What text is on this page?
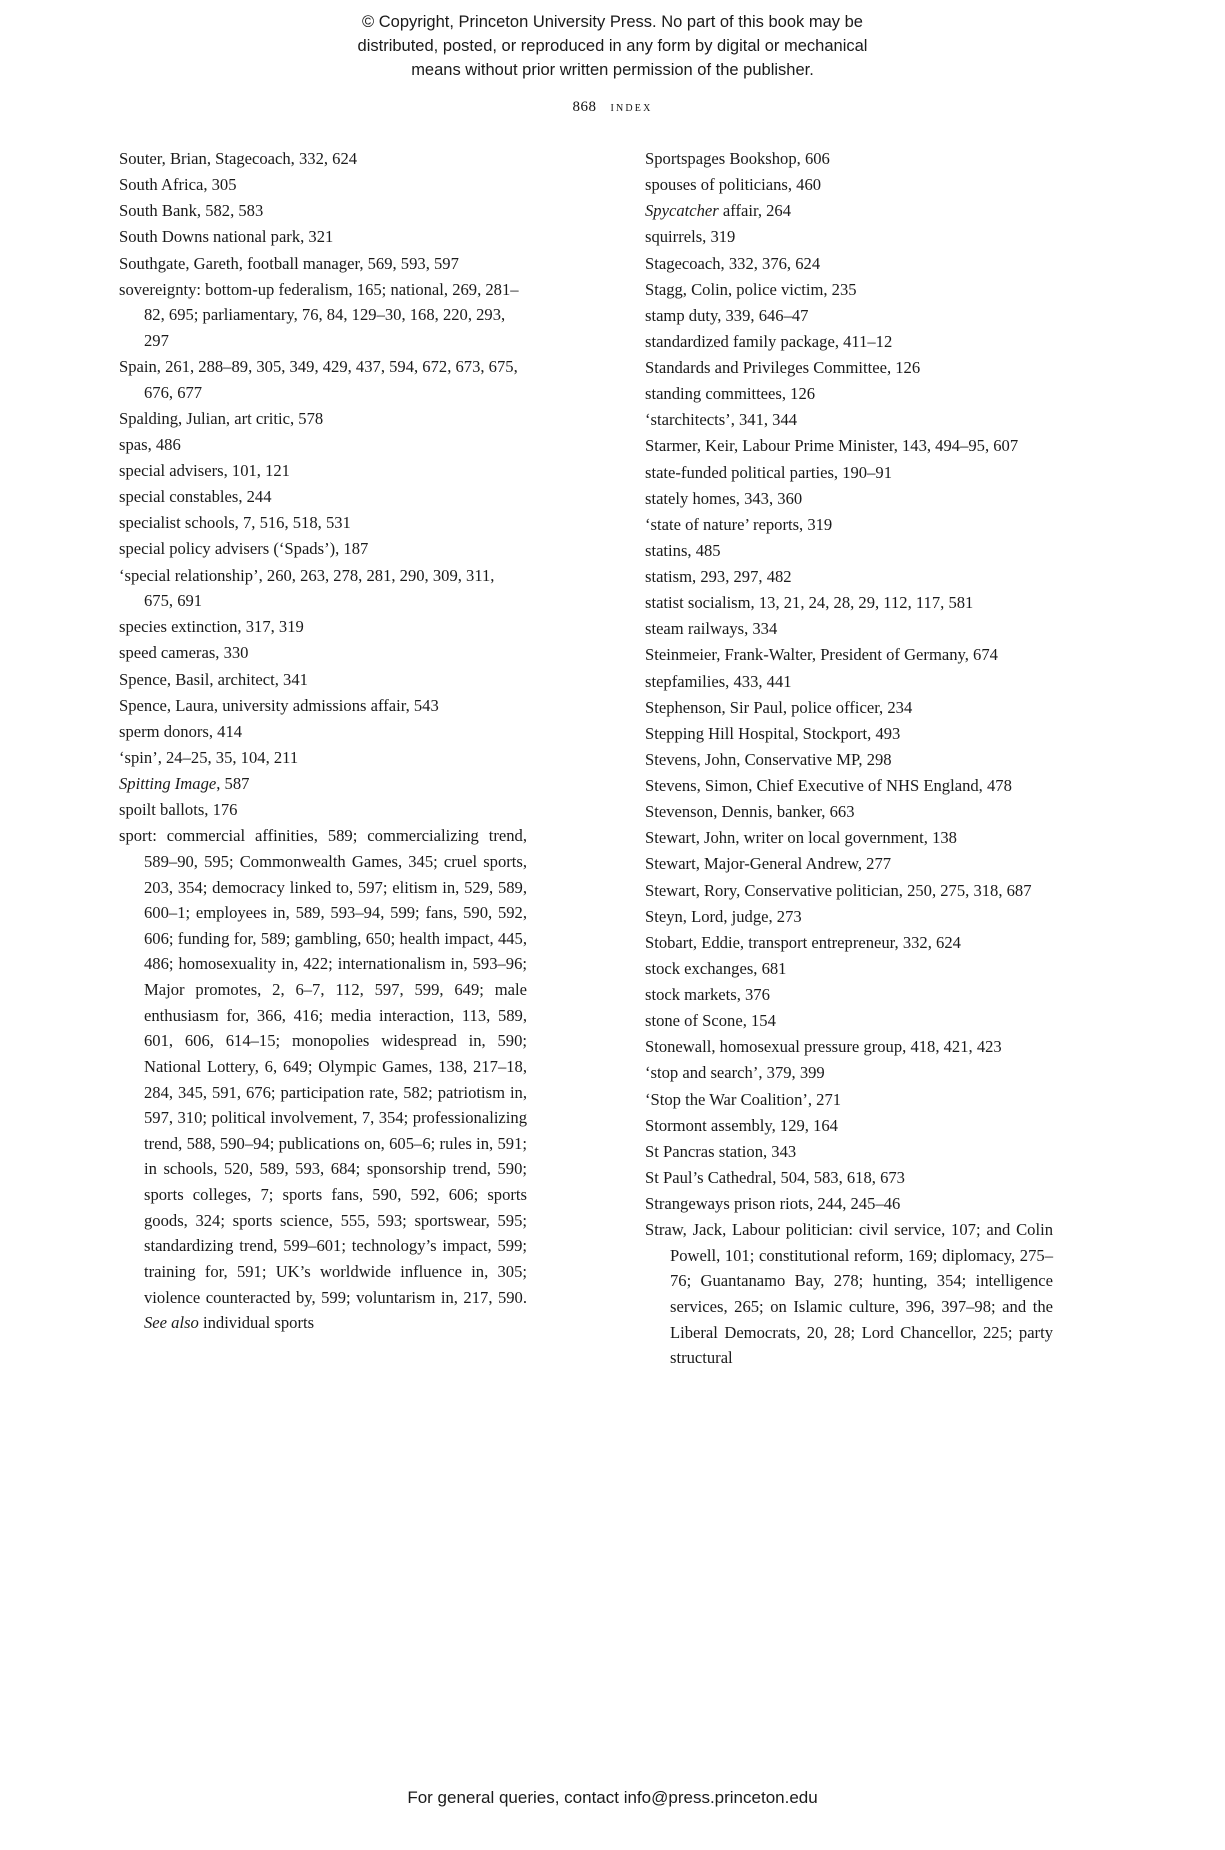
© Copyright, Princeton University Press. No part of this book may be
distributed, posted, or reproduced in any form by digital or mechanical
means without prior written permission of the publisher.
868 index

Souter, Brian, Stagecoach, 332, 624

South Africa, 305

South Bank, 582, 583

South Downs national park, 321

Southgate, Gareth, football manager, 569, 593, 597

sovereignty: bottom-up federalism, 165; national, 269, 281–82, 695; parliamentary, 76, 84, 129–30, 168, 220, 293, 297

Spain, 261, 288–89, 305, 349, 429, 437, 594, 672, 673, 675, 676, 677

Spalding, Julian, art critic, 578

spas, 486

special advisers, 101, 121

special constables, 244

specialist schools, 7, 516, 518, 531

special policy advisers (‘Spads’), 187

‘special relationship’, 260, 263, 278, 281, 290, 309, 311, 675, 691

species extinction, 317, 319

speed cameras, 330

Spence, Basil, architect, 341

Spence, Laura, university admissions affair, 543

sperm donors, 414

‘spin’, 24–25, 35, 104, 211

Spitting Image, 587

spoilt ballots, 176

sport: commercial affinities, 589; commercializing trend, 589–90, 595; Commonwealth Games, 345; cruel sports, 203, 354; democracy linked to, 597; elitism in, 529, 589, 600–1; employees in, 589, 593–94, 599; fans, 590, 592, 606; funding for, 589; gambling, 650; health impact, 445, 486; homosexuality in, 422; internationalism in, 593–96; Major promotes, 2, 6–7, 112, 597, 599, 649; male enthusiasm for, 366, 416; media interaction, 113, 589, 601, 606, 614–15; monopolies widespread in, 590; National Lottery, 6, 649; Olympic Games, 138, 217–18, 284, 345, 591, 676; participation rate, 582; patriotism in, 597, 310; political involvement, 7, 354; professionalizing trend, 588, 590–94; publications on, 605–6; rules in, 591; in schools, 520, 589, 593, 684; sponsorship trend, 590; sports colleges, 7; sports fans, 590, 592, 606; sports goods, 324; sports science, 555, 593; sportswear, 595; standardizing trend, 599–601; technology’s impact, 599; training for, 591; UK’s worldwide influence in, 305; violence counteracted by, 599; voluntarism in, 217, 590. See also individual sports

Sportspages Bookshop, 606

spouses of politicians, 460

Spycatcher affair, 264

squirrels, 319

Stagecoach, 332, 376, 624

Stagg, Colin, police victim, 235

stamp duty, 339, 646–47

standardized family package, 411–12

Standards and Privileges Committee, 126

standing committees, 126

‘starchitects’, 341, 344

Starmer, Keir, Labour Prime Minister, 143, 494–95, 607

state-funded political parties, 190–91

stately homes, 343, 360

‘state of nature’ reports, 319

statins, 485

statism, 293, 297, 482

statist socialism, 13, 21, 24, 28, 29, 112, 117, 581

steam railways, 334

Steinmeier, Frank-Walter, President of Germany, 674

stepfamilies, 433, 441

Stephenson, Sir Paul, police officer, 234

Stepping Hill Hospital, Stockport, 493

Stevens, John, Conservative MP, 298

Stevens, Simon, Chief Executive of NHS England, 478

Stevenson, Dennis, banker, 663

Stewart, John, writer on local government, 138

Stewart, Major-General Andrew, 277

Stewart, Rory, Conservative politician, 250, 275, 318, 687

Steyn, Lord, judge, 273

Stobart, Eddie, transport entrepreneur, 332, 624

stock exchanges, 681

stock markets, 376

stone of Scone, 154

Stonewall, homosexual pressure group, 418, 421, 423

‘stop and search’, 379, 399

‘Stop the War Coalition’, 271

Stormont assembly, 129, 164

St Pancras station, 343

St Paul’s Cathedral, 504, 583, 618, 673

Strangeways prison riots, 244, 245–46

Straw, Jack, Labour politician: civil service, 107; and Colin Powell, 101; constitutional reform, 169; diplomacy, 275–76; Guantanamo Bay, 278; hunting, 354; intelligence services, 265; on Islamic culture, 396, 397–98; and the Liberal Democrats, 20, 28; Lord Chancellor, 225; party structural

For general queries, contact info@press.princeton.edu
